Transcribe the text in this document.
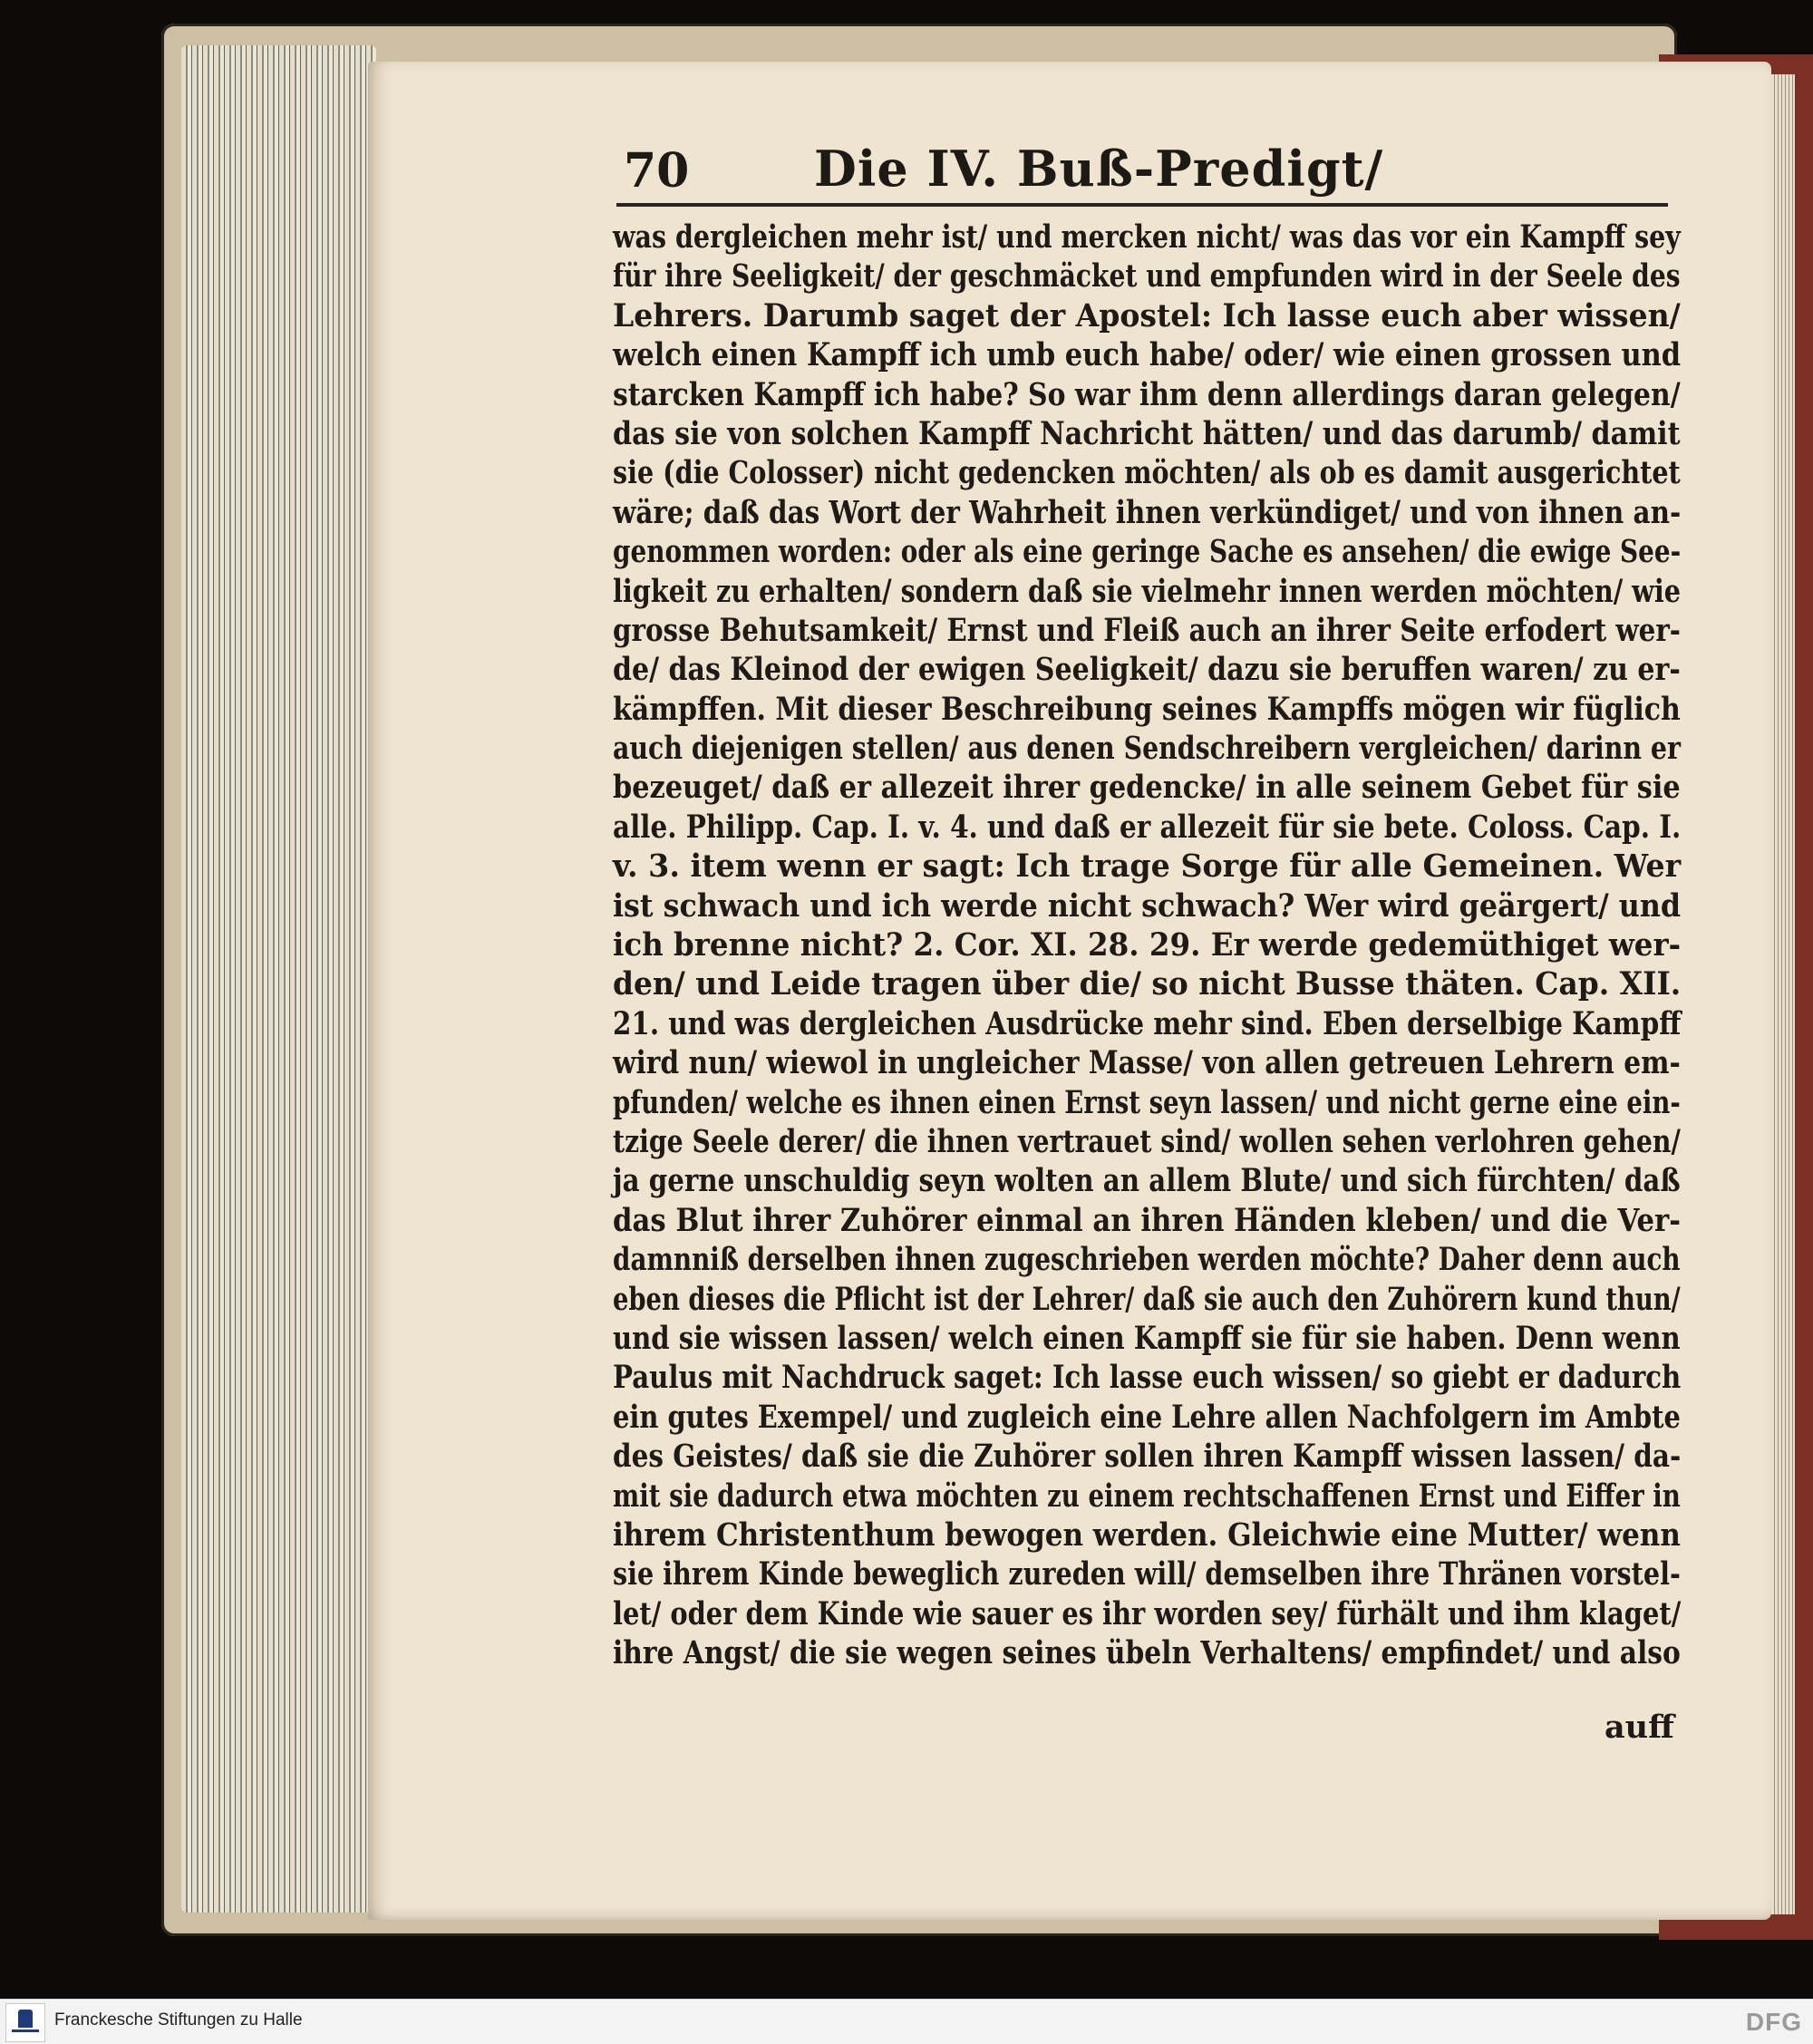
70	Die IV. Buß-Predigt/
was dergleichen mehr ist/ und mercken nicht/ was das vor ein Kampff sey
für ihre Seeligkeit/ der geschmäcket und empfunden wird in der Seele des
Lehrers. Darumb saget der Apostel: Ich lasse euch aber wissen/
welch einen Kampff ich umb euch habe/ oder/ wie einen grossen und
starcken Kampff ich habe? So war ihm denn allerdings daran gelegen/
das sie von solchen Kampff Nachricht hätten/ und das darumb/ damit
sie (die Colosser) nicht gedencken möchten/ als ob es damit ausgerichtet
wäre; daß das Wort der Wahrheit ihnen verkündiget/ und von ihnen an-
genommen worden: oder als eine geringe Sache es ansehen/ die ewige See-
ligkeit zu erhalten/ sondern daß sie vielmehr innen werden möchten/ wie
grosse Behutsamkeit/ Ernst und Fleiß auch an ihrer Seite erfodert wer-
de/ das Kleinod der ewigen Seeligkeit/ dazu sie beruffen waren/ zu er-
kämpffen. Mit dieser Beschreibung seines Kampffs mögen wir füglich
auch diejenigen stellen/ aus denen Sendschreibern vergleichen/ darinn er
bezeuget/ daß er allezeit ihrer gedencke/ in alle seinem Gebet für sie
alle. Philipp. Cap. I. v. 4. und daß er allezeit für sie bete. Coloss. Cap. I.
v. 3. item wenn er sagt: Ich trage Sorge für alle Gemeinen. Wer
ist schwach und ich werde nicht schwach? Wer wird geärgert/ und
ich brenne nicht? 2. Cor. XI. 28. 29. Er werde gedemüthiget wer-
den/ und Leide tragen über die/ so nicht Busse thäten. Cap. XII.
21. und was dergleichen Ausdrücke mehr sind. Eben derselbige Kampff
wird nun/ wiewol in ungleicher Masse/ von allen getreuen Lehrern em-
pfunden/ welche es ihnen einen Ernst seyn lassen/ und nicht gerne eine ein-
tzige Seele derer/ die ihnen vertrauet sind/ wollen sehen verlohren gehen/
ja gerne unschuldig seyn wolten an allem Blute/ und sich fürchten/ daß
das Blut ihrer Zuhörer einmal an ihren Händen kleben/ und die Ver-
damnniß derselben ihnen zugeschrieben werden möchte? Daher denn auch
eben dieses die Pflicht ist der Lehrer/ daß sie auch den Zuhörern kund thun/
und sie wissen lassen/ welch einen Kampff sie für sie haben. Denn wenn
Paulus mit Nachdruck saget: Ich lasse euch wissen/ so giebt er dadurch
ein gutes Exempel/ und zugleich eine Lehre allen Nachfolgern im Ambte
des Geistes/ daß sie die Zuhörer sollen ihren Kampff wissen lassen/ da-
mit sie dadurch etwa möchten zu einem rechtschaffenen Ernst und Eiffer in
ihrem Christenthum bewogen werden. Gleichwie eine Mutter/ wenn
sie ihrem Kinde beweglich zureden will/ demselben ihre Thränen vorstel-
let/ oder dem Kinde wie sauer es ihr worden sey/ fürhält und ihm klaget/
ihre Angst/ die sie wegen seines übeln Verhaltens/ empfindet/ und also
auff
Franckesche Stiftungen zu Halle	DFG
